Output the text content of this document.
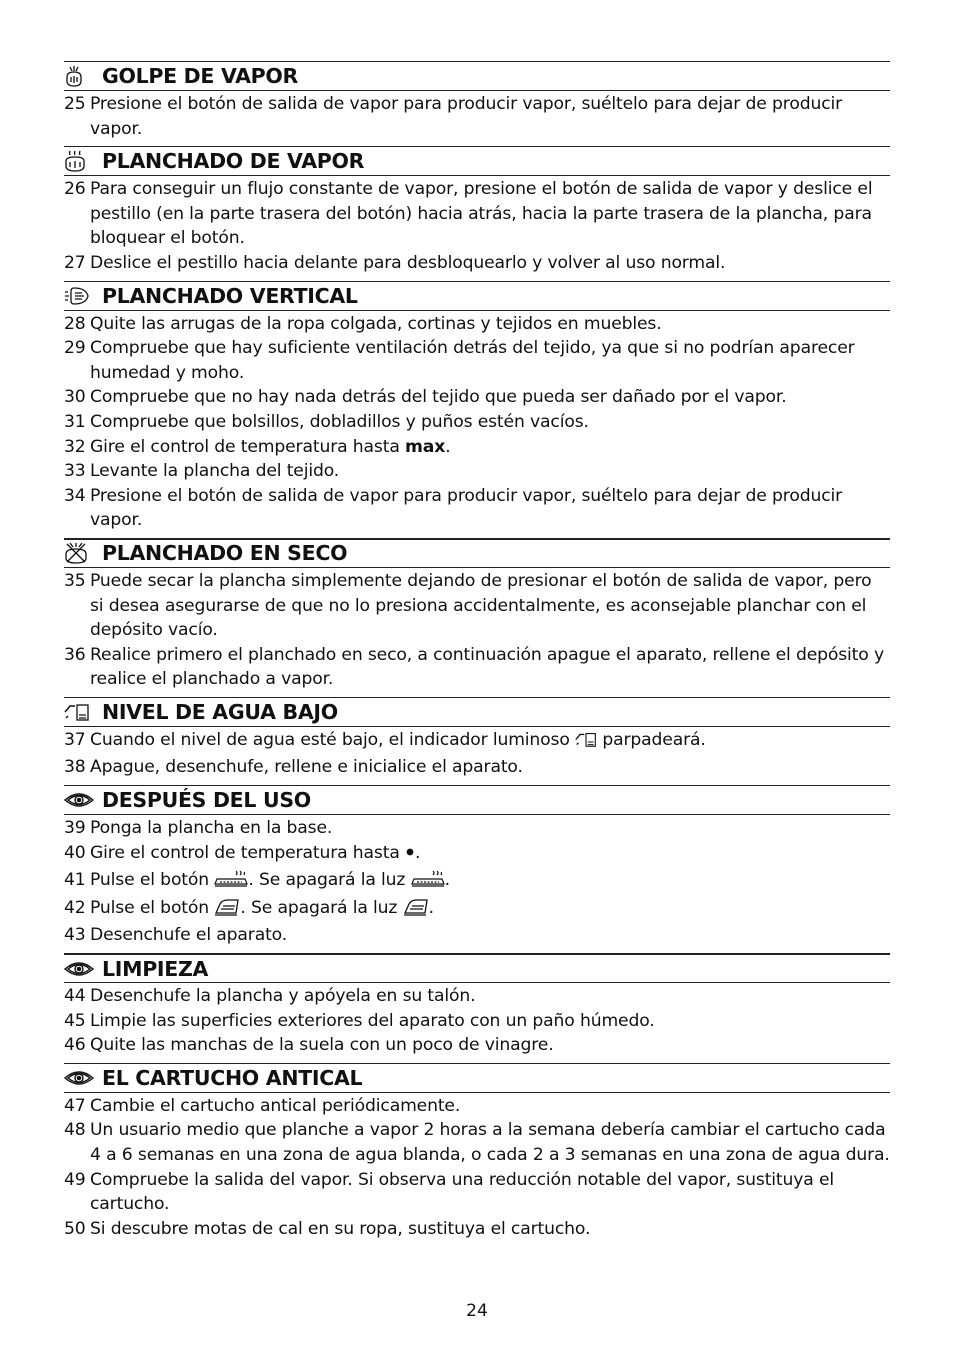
GOLPE DE VAPOR
25 Presione el botón de salida de vapor para producir vapor, suéltelo para dejar de producir vapor.
PLANCHADO DE VAPOR
26 Para conseguir un flujo constante de vapor, presione el botón de salida de vapor y deslice el pestillo (en la parte trasera del botón) hacia atrás, hacia la parte trasera de la plancha, para bloquear el botón.
27 Deslice el pestillo hacia delante para desbloquearlo y volver al uso normal.
PLANCHADO VERTICAL
28 Quite las arrugas de la ropa colgada, cortinas y tejidos en muebles.
29 Compruebe que hay suficiente ventilación detrás del tejido, ya que si no podrían aparecer humedad y moho.
30 Compruebe que no hay nada detrás del tejido que pueda ser dañado por el vapor.
31 Compruebe que bolsillos, dobladillos y puños estén vacíos.
32 Gire el control de temperatura hasta max.
33 Levante la plancha del tejido.
34 Presione el botón de salida de vapor para producir vapor, suéltelo para dejar de producir vapor.
PLANCHADO EN SECO
35 Puede secar la plancha simplemente dejando de presionar el botón de salida de vapor, pero si desea asegurarse de que no lo presiona accidentalmente, es aconsejable planchar con el depósito vacío.
36 Realice primero el planchado en seco, a continuación apague el aparato, rellene el depósito y realice el planchado a vapor.
NIVEL DE AGUA BAJO
37 Cuando el nivel de agua esté bajo, el indicador luminoso  parpadeará.
38 Apague, desenchufe, rellene e inicialice el aparato.
DESPUÉS DEL USO
39 Ponga la plancha en la base.
40 Gire el control de temperatura hasta .
41 Pulse el botón . Se apagará la luz .
42 Pulse el botón . Se apagará la luz .
43 Desenchufe el aparato.
LIMPIEZA
44 Desenchufe la plancha y apóyela en su talón.
45 Limpie las superficies exteriores del aparato con un paño húmedo.
46 Quite las manchas de la suela con un poco de vinagre.
EL CARTUCHO ANTICAL
47 Cambie el cartucho antical periódicamente.
48 Un usuario medio que planche a vapor 2 horas a la semana debería cambiar el cartucho cada 4 a 6 semanas en una zona de agua blanda, o cada 2 a 3 semanas en una zona de agua dura.
49 Compruebe la salida del vapor. Si observa una reducción notable del vapor, sustituya el cartucho.
50 Si descubre motas de cal en su ropa, sustituya el cartucho.
24
